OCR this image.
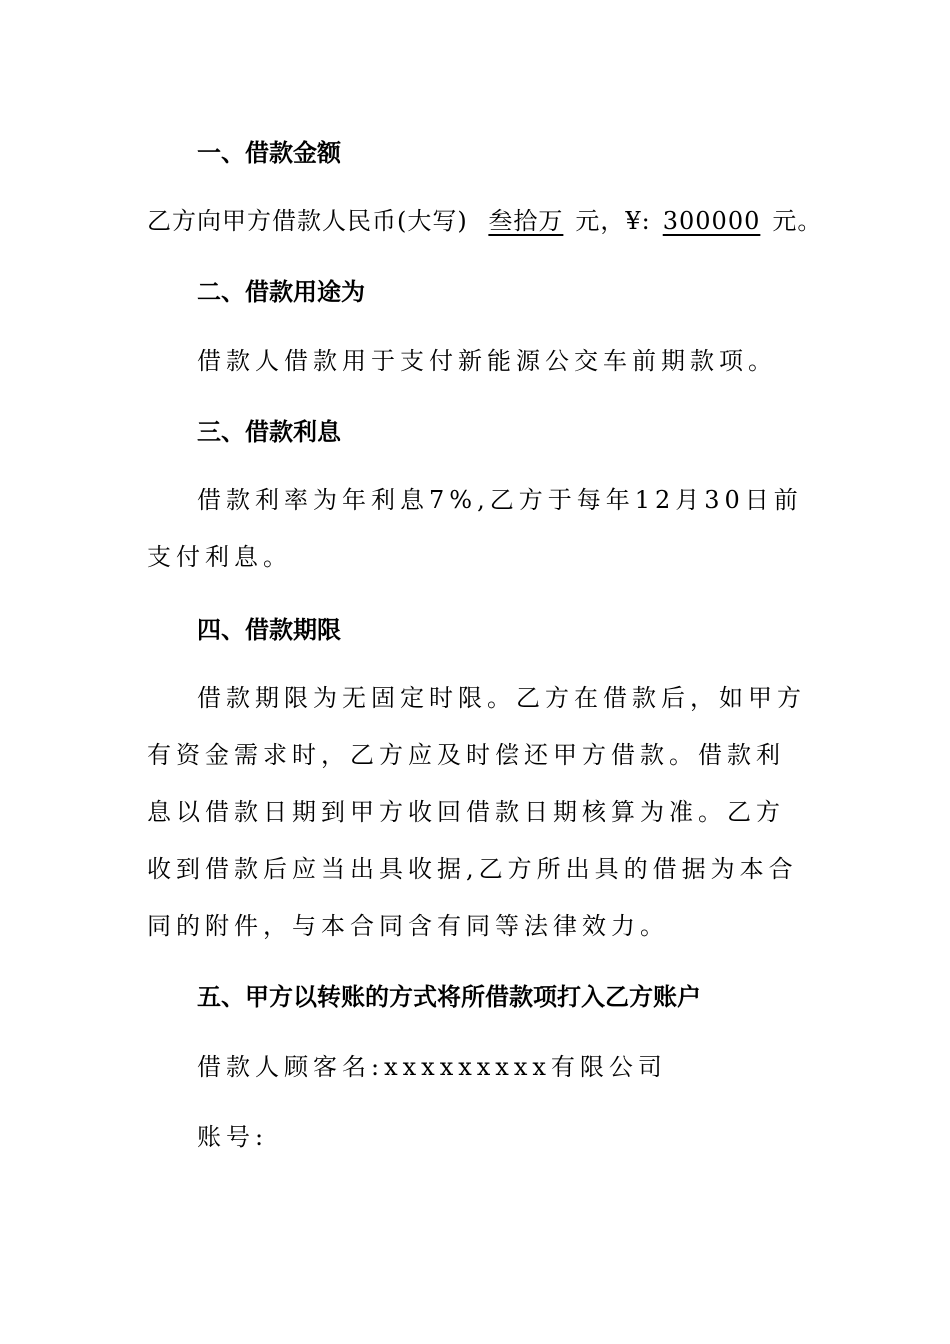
一、借款金额
乙方向甲方借款人民币(大写) 叁拾万 元，¥: 300000 元。
二、借款用途为
借款人借款用于支付新能源公交车前期款项。
三、借款利息

借款利率为年利息7%,乙方于每年12月30日前支付利息。

四、借款期限

借款期限为无固定时限。乙方在借款后，如甲方有资金需求时，乙方应及时偿还甲方借款。借款利息以借款日期到甲方收回借款日期核算为准。乙方收到借款后应当出具收据,乙方所出具的借据为本合同的附件，与本合同含有同等法律效力。

五、甲方以转账的方式将所借款项打入乙方账户
借款人顾客名:xxxxxxxxx有限公司
账号:
